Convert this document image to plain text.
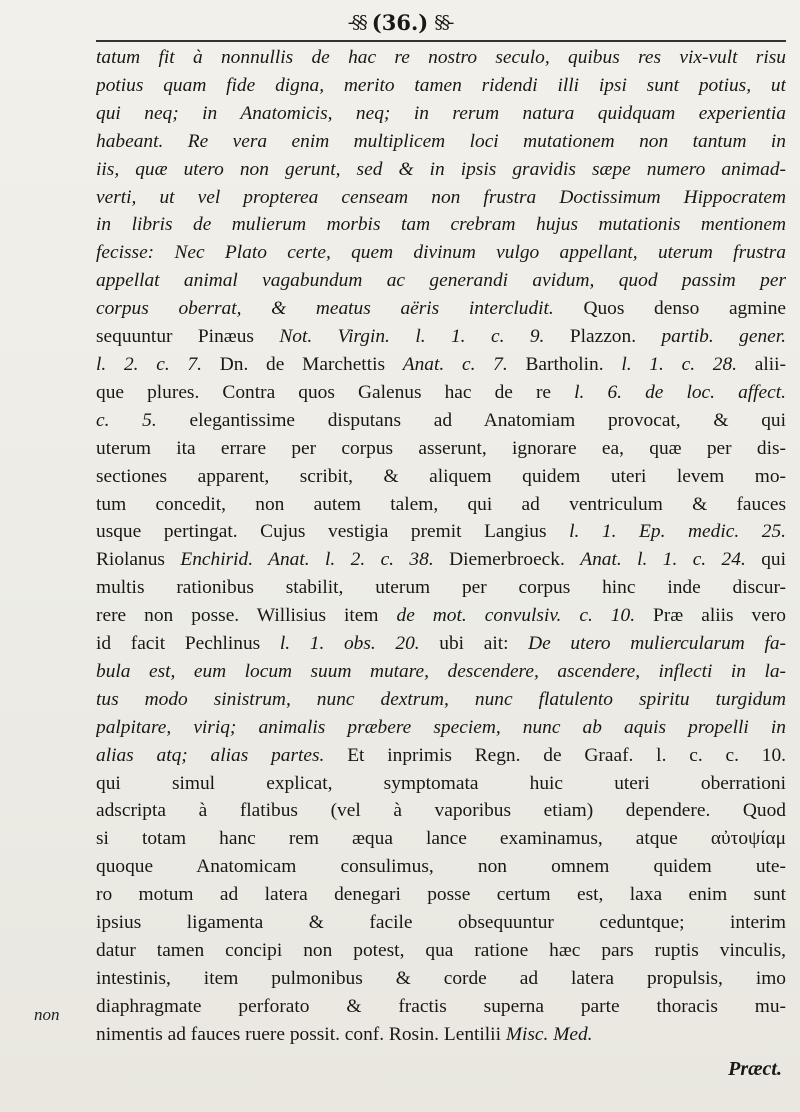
-§§ (36.) §§-
tatum fit à nonnullis de hac re nostro seculo, quibus res vix-vult risu
potius quam fide digna, merito tamen ridendi illi ipsi sunt potius, ut
qui neq; in Anatomicis, neq; in rerum natura quidquam experientia
habeant. Re vera enim multiplicem loci mutationem non tantum in
iis, quæ utero non gerunt, sed & in ipsis gravidis sæpe numero animad-
verti, ut vel propterea censeam non frustra Doctissimum Hippocratem
in libris de mulierum morbis tam crebram hujus mutationis mentionem
fecisse: Nec Plato certe, quem divinum vulgo appellant, uterum frustra
appellat animal vagabundum ac generandi avidum, quod passim per
corpus oberrat, & meatus aëris intercludit. Quos denso agmine
sequuntur Pinæus Not. Virgin. l. 1. c. 9. Plazzon. partib. gener.
l. 2. c. 7. Dn. de Marchettis Anat. c. 7. Bartholin. l. 1. c. 28. alii-
que plures. Contra quos Galenus hac de re l. 6. de loc. affect.
c. 5. elegantissime disputans ad Anatomiam provocat, & qui
uterum ita errare per corpus asserunt, ignorare ea, quæ per dis-
sectiones apparent, scribit, & aliquem quidem uteri levem mo-
tum concedit, non autem talem, qui ad ventriculum & fauces
usque pertingat. Cujus vestigia premit Langius l. 1. Ep. medic. 25.
Riolanus Enchirid. Anat. l. 2. c. 38. Diemerbroeck. Anat. l. 1. c. 24. qui
multis rationibus stabilit, uterum per corpus hinc inde discur-
rere non posse. Willisius item de mot. convulsiv. c. 10. Præ aliis vero
id facit Pechlinus l. 1. obs. 20. ubi ait: De utero muliercularum fa-
bula est, eum locum suum mutare, descendere, ascendere, inflecti in la-
tus modo sinistrum, nunc dextrum, nunc flatulento spiritu turgidum
palpitare, viriq; animalis præbere speciem, nunc ab aquis propelli in
alias atq; alias partes. Et inprimis Regn. de Graaf. l. c. c. 10.
qui simul explicat, symptomata huic uteri oberrationi
adscripta à flatibus (vel à vaporibus etiam) dependere. Quod
si totam hanc rem æqua lance examinamus, atque αὐτοψίαμ
quoque Anatomicam consulimus, non omnem quidem ute-
ro motum ad latera denegari posse certum est, laxa enim sunt
ipsius ligamenta & facile obsequuntur ceduntque; interim
datur tamen concipi non potest, qua ratione hæc pars ruptis vinculis,
intestinis, item pulmonibus & corde ad latera propulsis, imo
diaphragmate perforato & fractis superna parte thoracis mu-
nimentis ad fauces ruere possit. conf. Rosin. Lentilii Misc. Med.
non
Præct.
